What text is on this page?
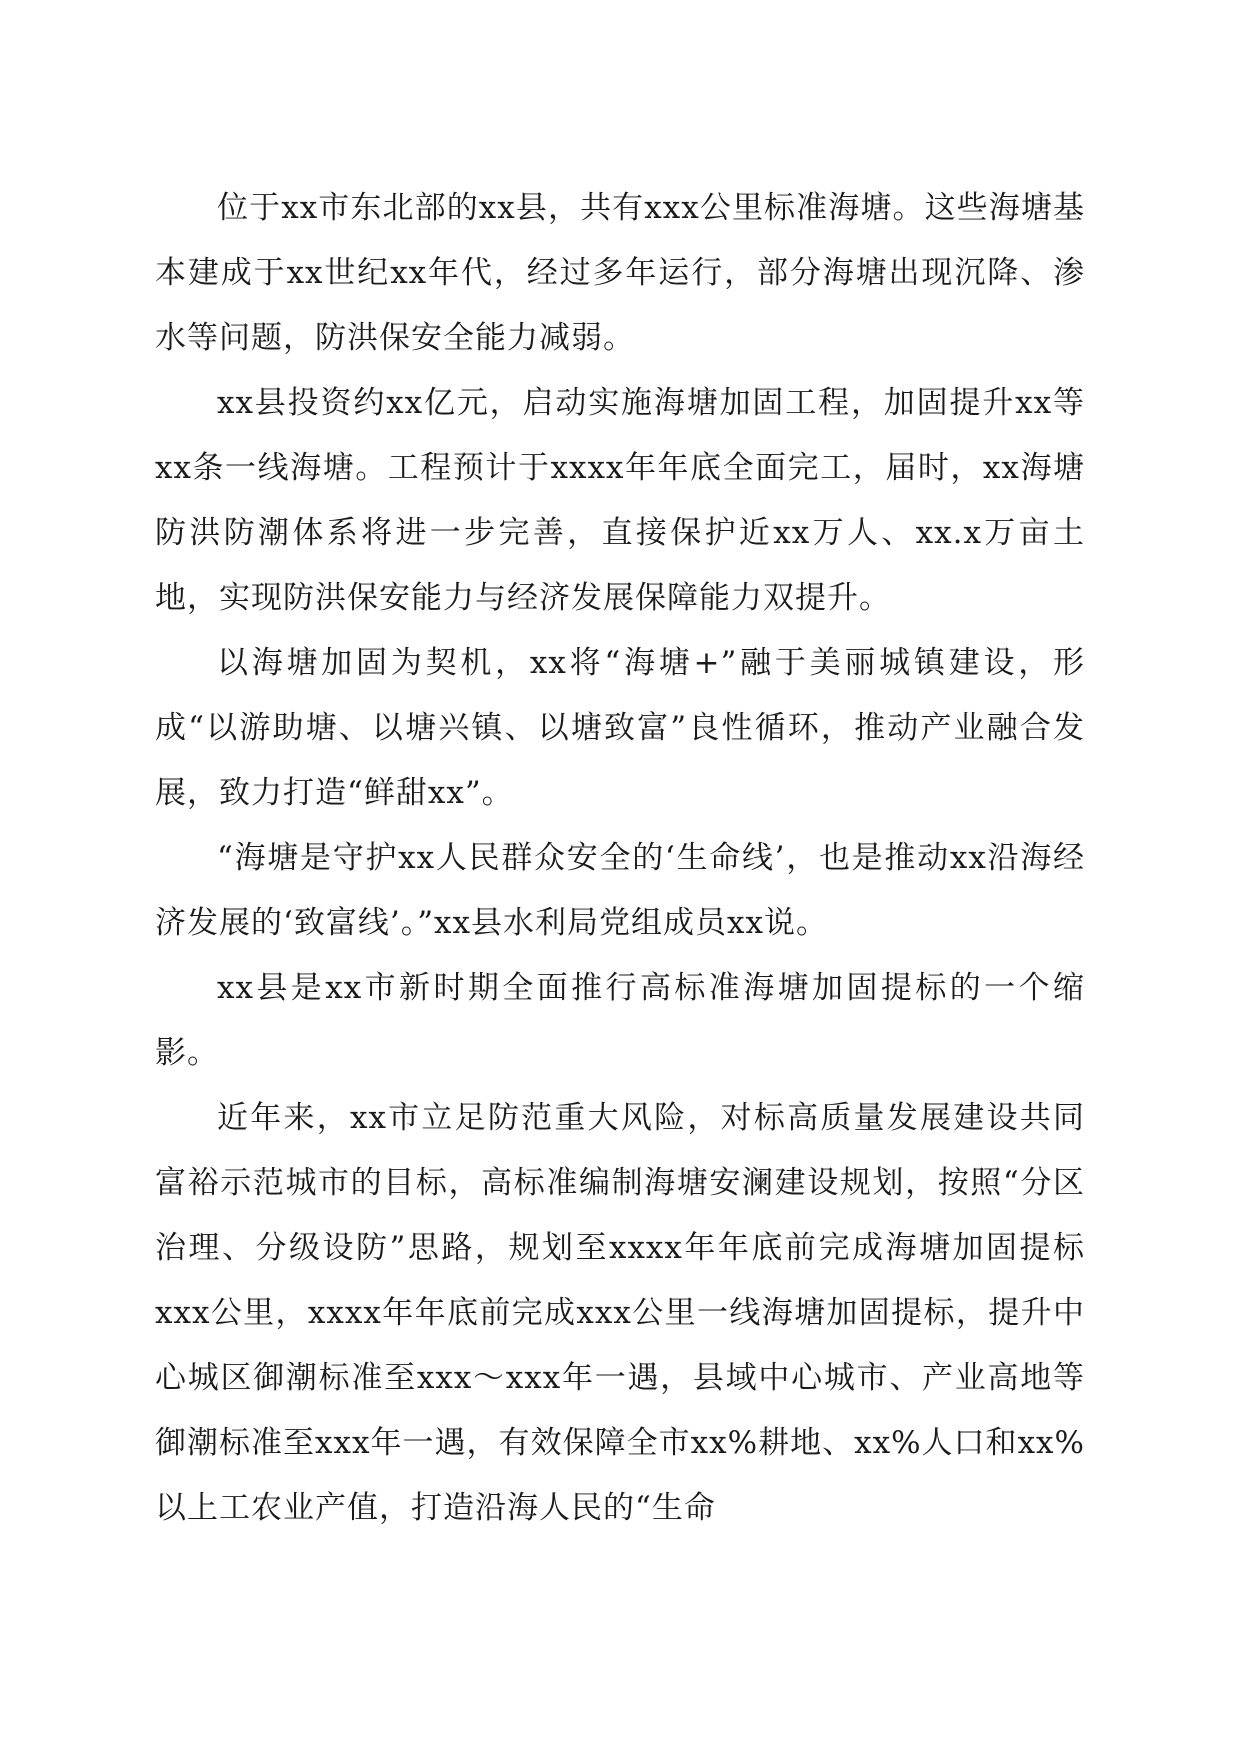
位于xx市东北部的xx县，共有xxx公里标准海塘。这些海塘基本建成于xx世纪xx年代，经过多年运行，部分海塘出现沉降、渗水等问题，防洪保安全能力减弱。

xx县投资约xx亿元，启动实施海塘加固工程，加固提升xx等xx条一线海塘。工程预计于xxxx年年底全面完工，届时，xx海塘防洪防潮体系将进一步完善，直接保护近xx万人、xx.x万亩土地，实现防洪保安能力与经济发展保障能力双提升。

以海塘加固为契机，xx将“海塘+”融于美丽城镇建设，形成“以游助塘、以塘兴镇、以塘致富”良性循环，推动产业融合发展，致力打造“鲜甜xx”。

“海塘是守护xx人民群众安全的‘生命线’，也是推动xx沿海经济发展的‘致富线’。”xx县水利局党组成员xx说。

xx县是xx市新时期全面推行高标准海塘加固提标的一个缩影。

近年来，xx市立足防范重大风险，对标高质量发展建设共同富裕示范城市的目标，高标准编制海塘安澜建设规划，按照“分区治理、分级设防”思路，规划至xxxx年年底前完成海塘加固提标xxx公里，xxxx年年底前完成xxx公里一线海塘加固提标，提升中心城区御潮标准至xxx～xxx年一遇，县域中心城市、产业高地等御潮标准至xxx年一遇，有效保障全市xx%耕地、xx%人口和xx%以上工农业产值，打造沿海人民的“生命
